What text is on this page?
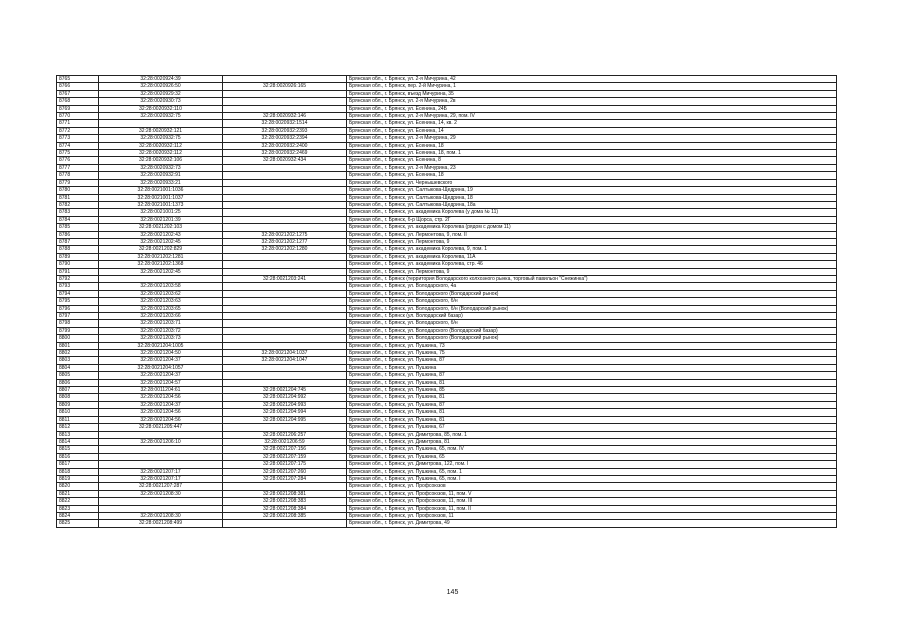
8765	32:28:0020924:39		Брянская обл., г. Брянск, ул. 2-я Мичурина, 42
8766	32:28:0020926:50	32:28:0020926:165	Брянская обл., г. Брянск, пер. 2-й Мичурина, 1
8767	32:28:0020929:32		Брянская обл., г. Брянск, въезд Мичурина, 35
8768	32:28:0020930:73		Брянская обл., г. Брянск, ул. 2-я Мичурина, 2в
8769	32:28:0020932:110		Брянская обл., г. Брянск, ул. Есенина, 24Б
8770	32:28:0020932:75	32:28:0020932:146	Брянская обл., г. Брянск, ул. 2-я Мичурина, 29, пом. IV
8771		32:28:0020932:1514	Брянская обл., г. Брянск, ул. Есенина, 14, кв. 2
8772	32:28:0020932:121	32:28:0020932:2393	Брянская обл., г. Брянск, ул. Есенина, 14
8773	32:28:0020932:75	32:28:0020932:2394	Брянская обл., г. Брянск, ул. 2-я Мичурина, 29
8774	32:28:0020932:112	32:28:0020932:2400	Брянская обл., г. Брянск, ул. Есенина, 18
8775	32:28:0020932:112	32:28:0020932:2469	Брянская обл., г. Брянск, ул. Есенина, 18, пом. 1
8776	32:28:0020932:106	32:28:0020932:434	Брянская обл., г. Брянск, ул. Есенина, 8
8777	32:28:0020932:73		Брянская обл., г. Брянск, ул. 2-я Мичурина, 23
8778	32:28:0020932:91		Брянская обл., г. Брянск, ул. Есенина, 18
8779	32:28:0020933:21		Брянская обл., г. Брянск, ул. Чернышевского
8780	32:28:0021001:1036		Брянская обл., г. Брянск, ул. Салтыкова-Щедрина, 19
8781	32:28:0021001:1037		Брянская обл., г. Брянск, ул. Салтыкова-Щедрина, 18
8782	32:28:0021001:1373		Брянская обл., г. Брянск, ул. Салтыкова-Щедрина, 18а
8783	32:28:0021001:25		Брянская обл., г. Брянск, ул. академика Королева (у дома № 11)
8784	32:28:0021201:39		Брянская обл., г. Брянск, б-р Щорса, стр. 2Г
8785	32:28:0021202:103		Брянская обл., г. Брянск, ул. академика Королева (рядом с домом 11)
8786	32:28:0021202:43	32:28:0021202:1275	Брянская обл., г. Брянск, ул. Лермонтова, 9, пом. II
8787	32:28:0021202:45	32:28:0021202:1277	Брянская обл., г. Брянск, ул. Лермонтова, 9
8788	32:28:0021202:829	32:28:0021202:1280	Брянская обл., г. Брянск, ул. академика Королева, 9, пом. 1
8789	32:28:0021202:1281		Брянская обл., г. Брянск, ул. академика Королева, 11А
8790	32:28:0021202:1368		Брянская обл., г. Брянск, ул. академика Королева, стр. 46
8791	32:28:0021202:45		Брянская обл., г. Брянск, ул. Лермонтова, 9
8792		32:28:0021203:241	Брянская обл., г. Брянск (территория Володарского колхозного рынка, торговый павильон "Снежинка")
8793	32:28:0021203:58		Брянская обл., г. Брянск, ул. Володарского, 4а
8794	32:28:0021203:62		Брянская обл., г. Брянск, ул. Володарского (Володарский рынок)
8795	32:28:0021203:63		Брянская обл., г. Брянск, ул. Володарского, б/н
8796	32:28:0021203:65		Брянская обл., г. Брянск, ул. Володарского, б/н (Володарский рынок)
8797	32:28:0021203:66		Брянская обл., г. Брянск (ул. Володарский базар)
8798	32:28:0021203:71		Брянская обл., г. Брянск, ул. Володарского, б/н
8799	32:28:0021203:72		Брянская обл., г. Брянск, ул. Володарского (Володарский базар)
8800	32:28:0021203:73		Брянская обл., г. Брянск, ул. Володарского (Володарский рынок)
8801	32:28:0021204:1005		Брянская обл., г. Брянск, ул. Пушкина, 73
8802	32:28:0021204:50	32:28:0021204:1037	Брянская обл., г. Брянск, ул. Пушкина, 75
8803	32:28:0021204:37	32:28:0021204:1047	Брянская обл., г. Брянск, ул. Пушкина, 87
8804	32:28:0021204:1057		Брянская обл., г. Брянск, ул. Пушкина
8805	32:28:0021204:37		Брянская обл., г. Брянск, ул. Пушкина, 87
8806	32:28:0021204:57		Брянская обл., г. Брянск, ул. Пушкина, 81
8807	32:28:0011204:61	32:28:0021204:745	Брянская обл., г. Брянск, ул. Пушкина, 85
8808	32:28:0021204:56	32:28:0021204:992	Брянская обл., г. Брянск, ул. Пушкина, 81
8809	32:28:0021204:37	32:28:0021204:993	Брянская обл., г. Брянск, ул. Пушкина, 87
8810	32:28:0021204:56	32:28:0021204:994	Брянская обл., г. Брянск, ул. Пушкина, 81
8811	32:28:0021204:56	32:28:0021204:995	Брянская обл., г. Брянск, ул. Пушкина, 81
8812	32:28:0021205:447		Брянская обл., г. Брянск, ул. Пушкина, 67
8813		32:28:0021206:257	Брянская обл., г. Брянск, ул. Димитрова, 85, пом. 1
8814	32:28:0021206:10	32:28:0021206:59	Брянская обл., г. Брянск, ул. Димитрова, 81
8815		32:28:0021207:156	Брянская обл., г. Брянск, ул. Пушкина, 65, пом. IV
8816		32:28:0021207:159	Брянская обл., г. Брянск, ул. Пушкина, 65
8817		32:28:0021207:175	Брянская обл., г. Брянск, ул. Димитрова, 122, пом. I
8818	32:28:0021207:17	32:28:0021207:260	Брянская обл., г. Брянск, ул. Пушкина, 65, пом. 1
8819	32:28:0021207:17	32:28:0021207:284	Брянская обл., г. Брянск, ул. Пушкина, 65, пом. I
8820	32:28:0021207:287		Брянская обл., г. Брянск, ул. Профсоюзов
8821	32:28:0021208:30	32:28:0021208:381	Брянская обл., г. Брянск, ул. Профсоюзов, 11, пом. V
8822		32:28:0021208:383	Брянская обл., г. Брянск, ул. Профсоюзов, 11, пом. III
8823		32:28:0021208:384	Брянская обл., г. Брянск, ул. Профсоюзов, 11, пом. II
8824	32:28:0021208:30	32:28:0021208:385	Брянская обл., г. Брянск, ул. Профсоюзов, 11
8825	32:28:0021208:499		Брянская обл., г. Брянск, ул. Димитрова, 49
145
